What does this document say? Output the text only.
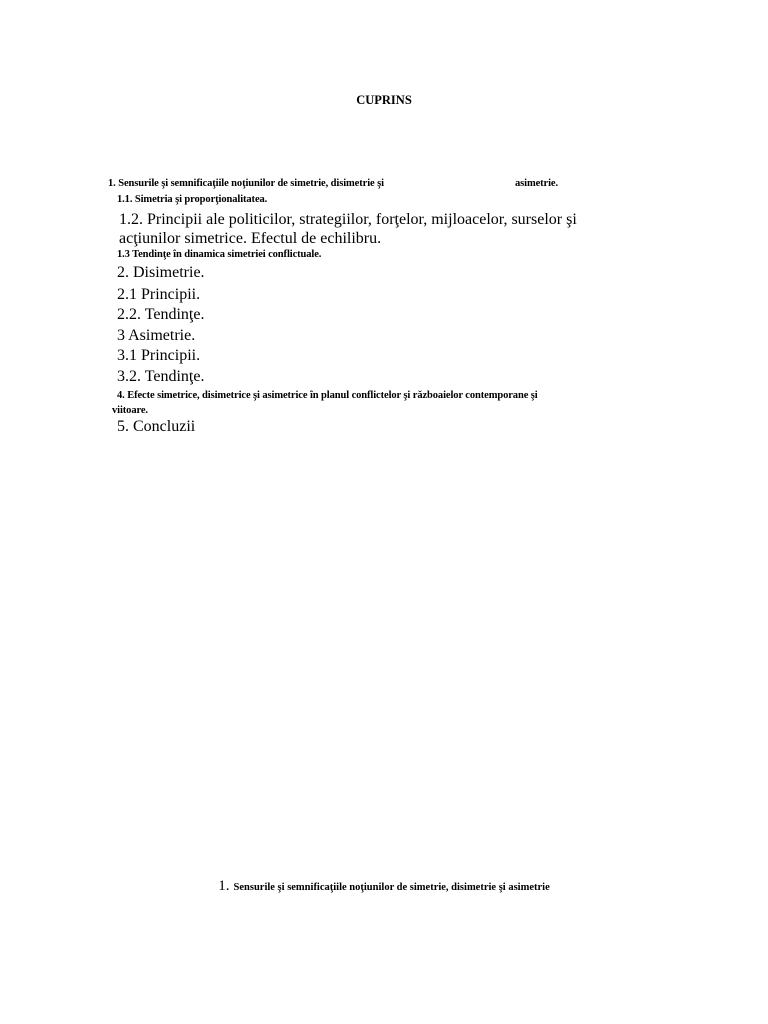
CUPRINS
1. Sensurile şi semnificaţiile noţiunilor de simetrie, disimetrie şi	asimetrie.
1.1. Simetria şi proporţionalitatea.
1.2. Principii ale politicilor, strategiilor, forţelor, mijloacelor, surselor şi
acţiunilor simetrice. Efectul de echilibru.
1.3 Tendinţe în dinamica simetriei conflictuale.
2. Disimetrie.
2.1 Principii.
2.2. Tendinţe.
3 Asimetrie.
3.1 Principii.
3.2. Tendinţe.
4. Efecte simetrice, disimetrice şi asimetrice în planul conflictelor şi războaielor contemporane şi
viitoare.
5. Concluzii
1. Sensurile şi semnificaţiile noţiunilor de simetrie, disimetrie şi asimetrie
